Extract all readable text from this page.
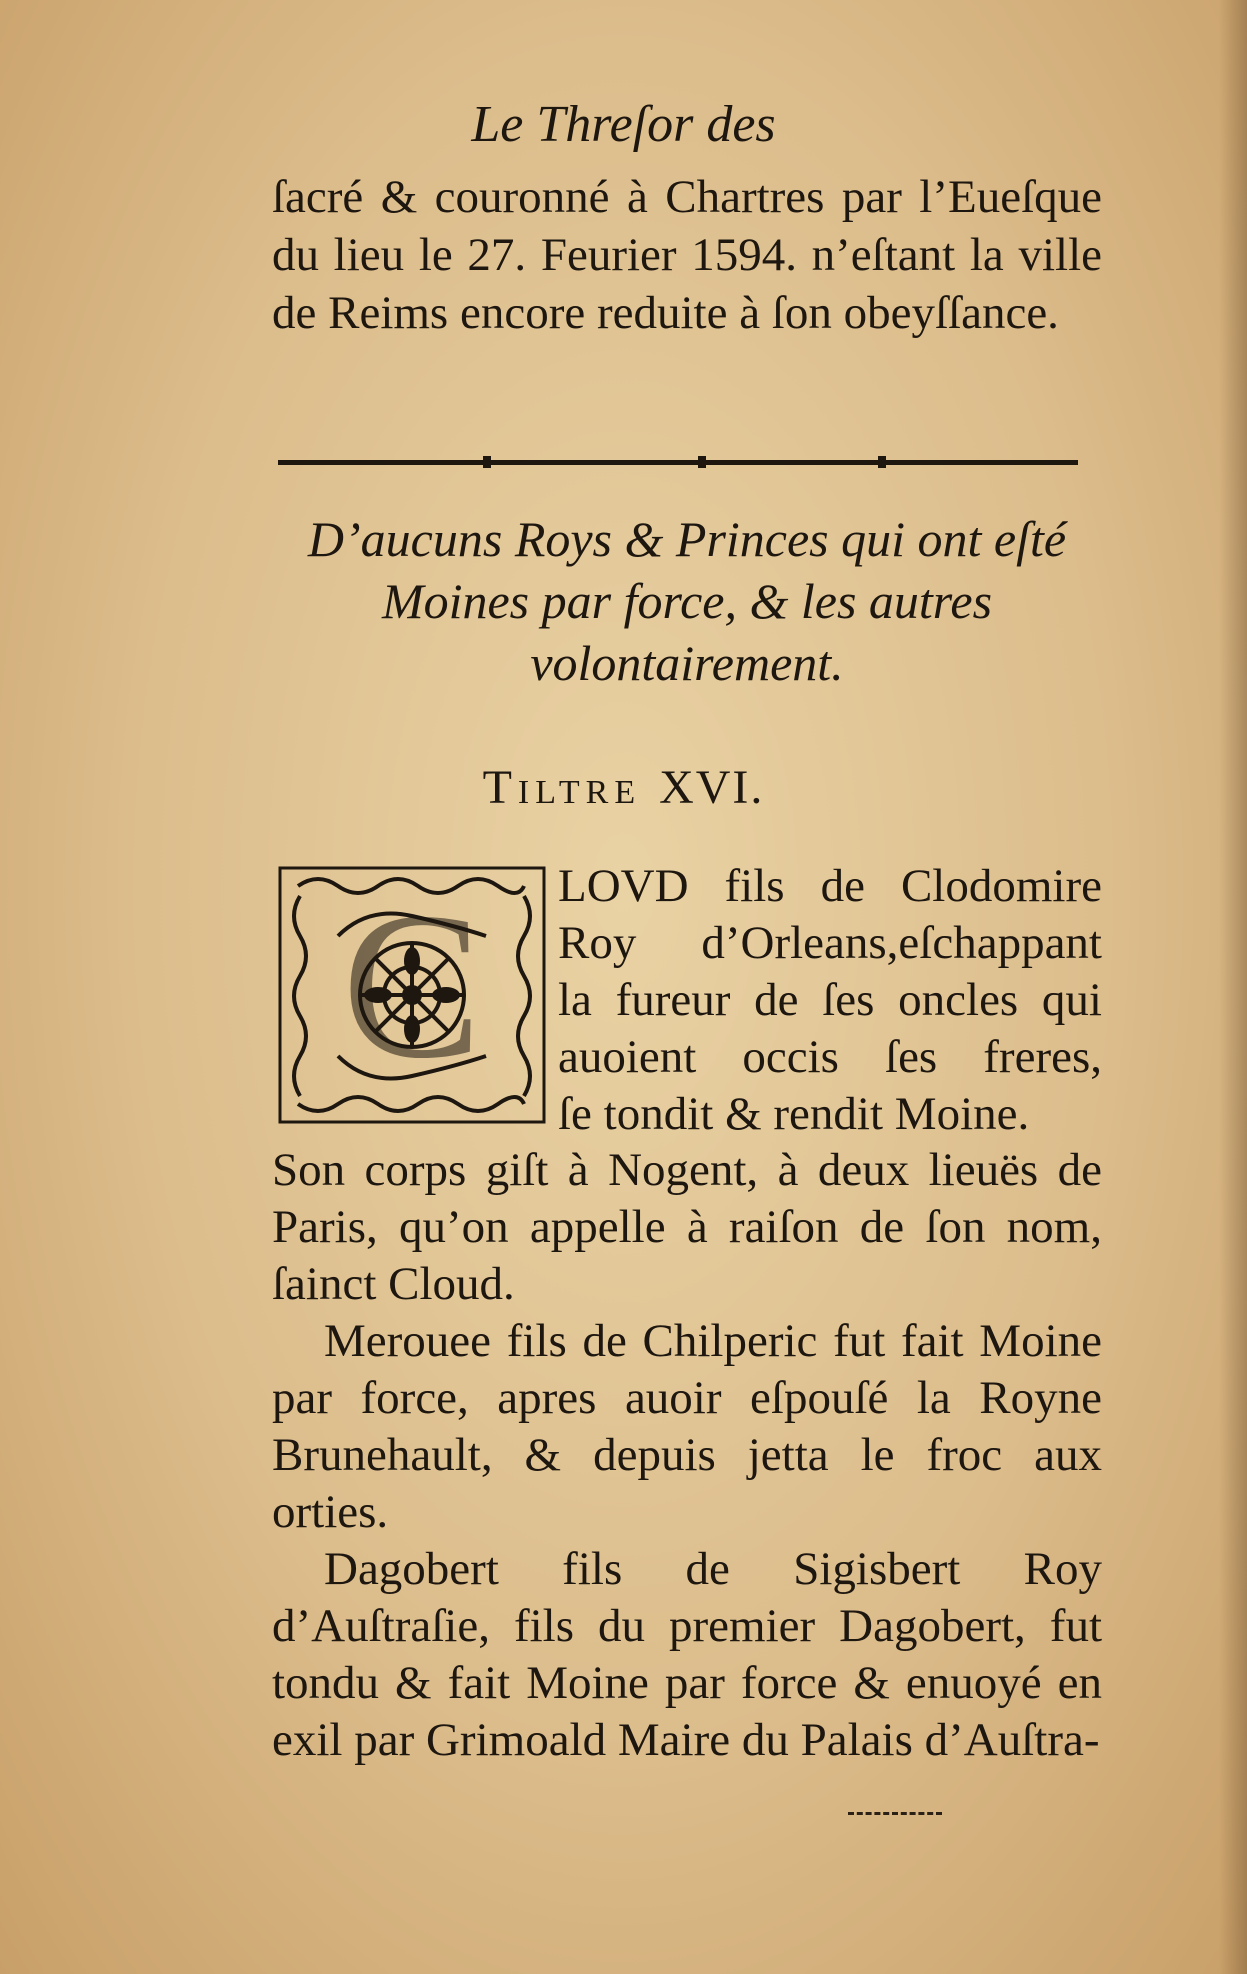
Le Threſor des

ſacré & couronné à Chartres par l’Eueſque du lieu le 27. Feurier 1594. n’eſtant la ville de Reims encore reduite à ſon obeyſſance.

D’aucuns Roys & Princes qui ont eſté
Moines par force, & les autres
volontairement.
Tiltre XVI.
C LOVD fils de Clodomire

Roy d’Orleans,eſchappant

la fureur de ſes oncles qui

auoient occis ſes freres,

ſe tondit & rendit Moine.

Son corps giſt à Nogent, à deux lieuës de Paris, qu’on appelle à raiſon de ſon nom, ſainct Cloud.

Merouee fils de Chilperic fut fait Moine par force, apres auoir eſpouſé la Royne Brunehault, & depuis jetta le froc aux orties.

Dagobert fils de Sigisbert Roy d’Auſtraſie, fils du premier Dagobert, fut tondu & fait Moine par force & enuoyé en exil par Grimoald Maire du Palais d’Auſtra-
